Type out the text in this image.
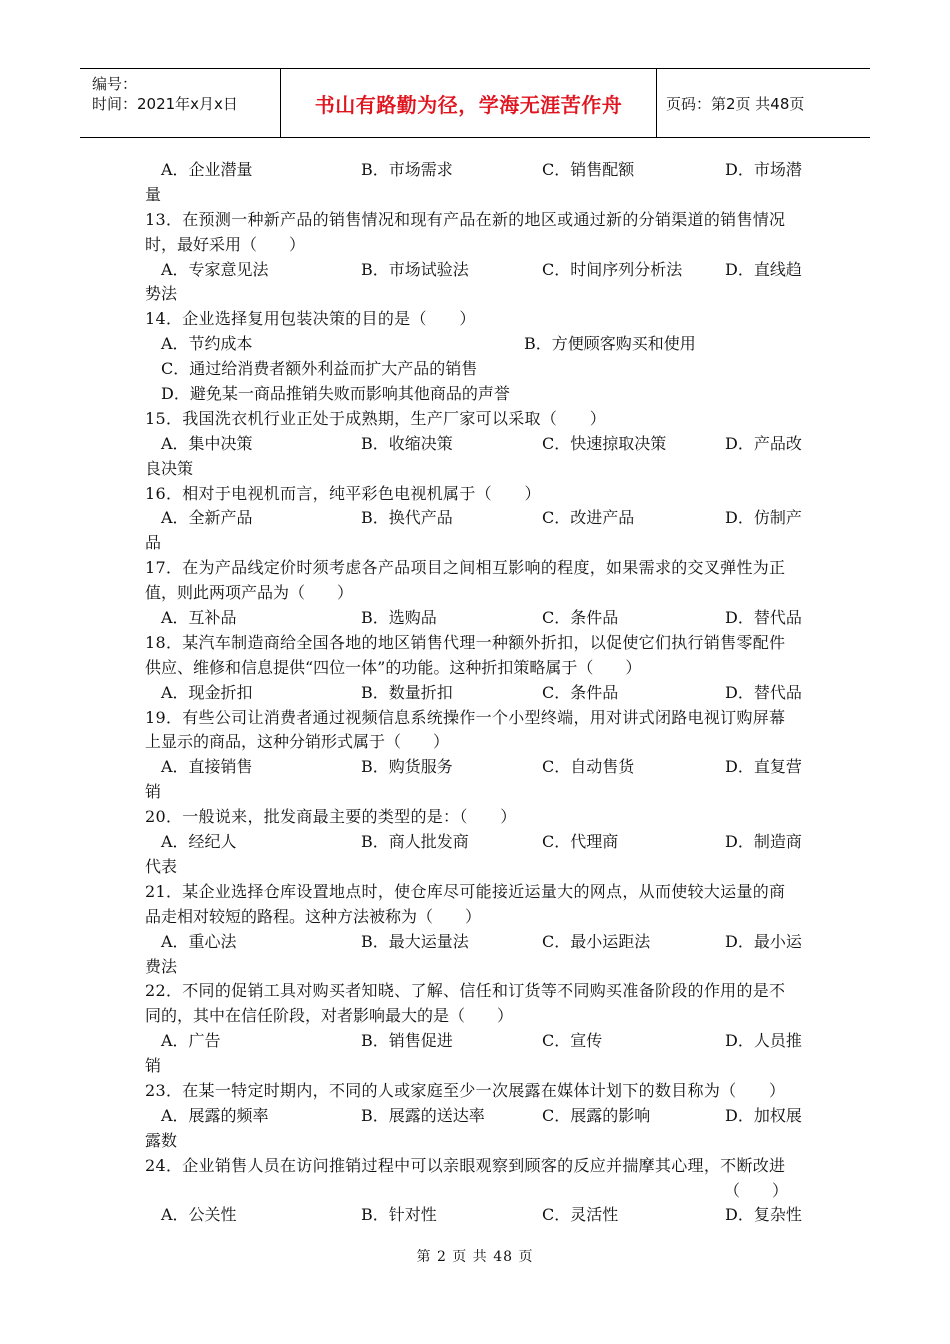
编号：
时间：2021年x月x日	书山有路勤为径，学海无涯苦作舟	页码：第2页 共48页
A．企业潜量	B．市场需求	C．销售配额	D．市场潜
量
13．在预测一种新产品的销售情况和现有产品在新的地区或通过新的分销渠道的销售情况
时，最好采用（　　）
A．专家意见法	B．市场试验法	C．时间序列分析法	D．直线趋
势法
14．企业选择复用包装决策的目的是（　　）
A．节约成本	B．方便顾客购买和使用
C．通过给消费者额外利益而扩大产品的销售
D．避免某一商品推销失败而影响其他商品的声誉
15．我国洗衣机行业正处于成熟期，生产厂家可以采取（　　）
A．集中决策	B．收缩决策	C．快速掠取决策	D．产品改
良决策
16．相对于电视机而言，纯平彩色电视机属于（　　）
A．全新产品	B．换代产品	C．改进产品	D．仿制产
品
17．在为产品线定价时须考虑各产品项目之间相互影响的程度，如果需求的交叉弹性为正
值，则此两项产品为（　　）
A．互补品	B．选购品	C．条件品	D．替代品
18．某汽车制造商给全国各地的地区销售代理一种额外折扣，以促使它们执行销售零配件
供应、维修和信息提供“四位一体”的功能。这种折扣策略属于（　　）
A．现金折扣	B．数量折扣	C．条件品	D．替代品
19．有些公司让消费者通过视频信息系统操作一个小型终端，用对讲式闭路电视订购屏幕
上显示的商品，这种分销形式属于（　　）
A．直接销售	B．购货服务	C．自动售货	D．直复营
销
20．一般说来，批发商最主要的类型的是：（　　）
A．经纪人	B．商人批发商	C．代理商	D．制造商
代表
21．某企业选择仓库设置地点时，使仓库尽可能接近运量大的网点，从而使较大运量的商
品走相对较短的路程。这种方法被称为（　　）
A．重心法	B．最大运量法	C．最小运距法	D．最小运
费法
22．不同的促销工具对购买者知晓、了解、信任和订货等不同购买准备阶段的作用的是不
同的，其中在信任阶段，对者影响最大的是（　　）
A．广告	B．销售促进	C．宣传	D．人员推
销
23．在某一特定时期内，不同的人或家庭至少一次展露在媒体计划下的数目称为（　　）
A．展露的频率	B．展露的送达率	C．展露的影响	D．加权展
露数
24．企业销售人员在访问推销过程中可以亲眼观察到顾客的反应并揣摩其心理，不断改进
（　　）
A．公关性	B．针对性	C．灵活性	D．复杂性
第 2 页 共 48 页
